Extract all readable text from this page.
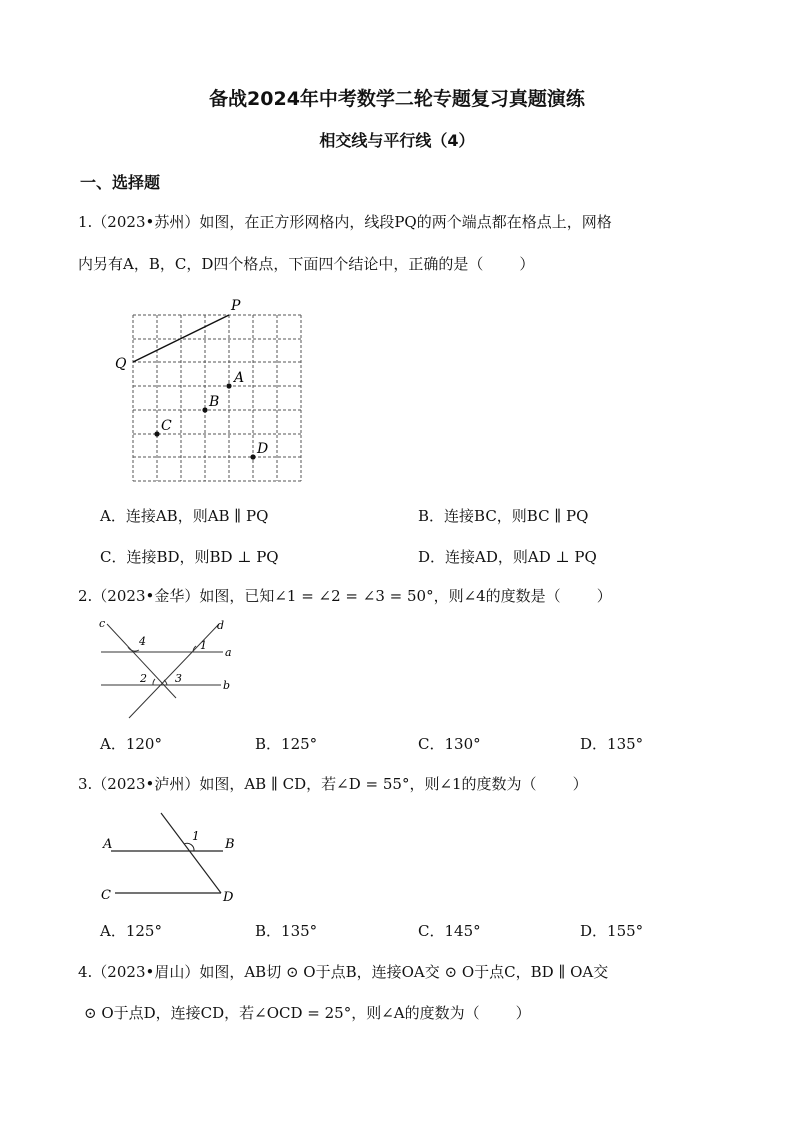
备战2024年中考数学二轮专题复习真题演练
相交线与平行线（4）
一、选择题
1.（2023•苏州）如图，在正方形网格内，线段PQ的两个端点都在格点上，网格
内另有A，B，C，D四个格点，下面四个结论中，正确的是（ ）
P
Q
A
B
C
D
A．连接AB，则AB ∥ PQ	B．连接BC，则BC ∥ PQ
C．连接BD，则BD ⊥ PQ	D．连接AD，则AD ⊥ PQ
2.（2023•金华）如图，已知∠1 = ∠2 = ∠3 = 50°，则∠4的度数是（ ）
c	d
a
b
4	1
2	3
A．120°	B．125°	C．130°	D．135°
3.（2023•泸州）如图，AB ∥ CD，若∠D = 55°，则∠1的度数为（ ）
A	B
C	D
1
A．125°	B．135°	C．145°	D．155°
4.（2023•眉山）如图，AB切 ⊙ O于点B，连接OA交 ⊙ O于点C，BD ∥ OA交
⊙ O于点D，连接CD，若∠OCD = 25°，则∠A的度数为（ ）
